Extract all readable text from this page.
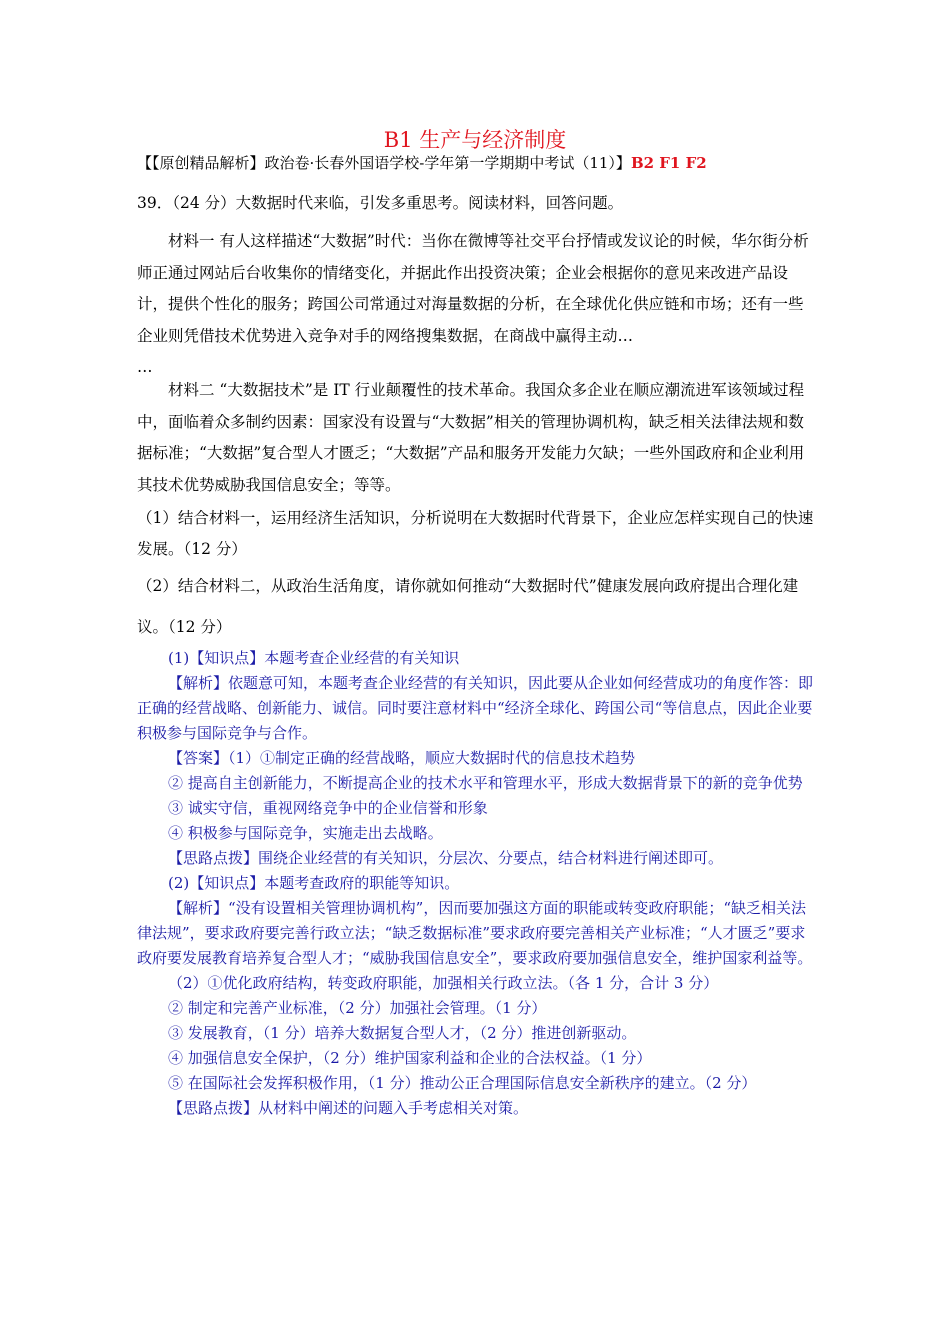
B1 生产与经济制度
【【原创精品解析】政治卷·长春外国语学校-学年第一学期期中考试（11）】B2 F1 F2
39．（24 分）大数据时代来临，引发多重思考。阅读材料，回答问题。

材料一 有人这样描述“大数据”时代：当你在微博等社交平台抒情或发议论的时候，华尔街分析师正通过网站后台收集你的情绪变化，并据此作出投资决策；企业会根据你的意见来改进产品设计，提供个性化的服务；跨国公司常通过对海量数据的分析，在全球优化供应链和市场；还有一些企业则凭借技术优势进入竞争对手的网络搜集数据，在商战中赢得主动…

…

材料二 “大数据技术”是 IT 行业颠覆性的技术革命。我国众多企业在顺应潮流进军该领域过程中，面临着众多制约因素：国家没有设置与“大数据”相关的管理协调机构，缺乏相关法律法规和数据标准；“大数据”复合型人才匮乏；“大数据”产品和服务开发能力欠缺；一些外国政府和企业利用其技术优势威胁我国信息安全；等等。

（1）结合材料一，运用经济生活知识，分析说明在大数据时代背景下，企业应怎样实现自己的快速发展。（12 分）
（2）结合材料二，从政治生活角度，请你就如何推动“大数据时代”健康发展向政府提出合理化建议。（12 分）

(1)【知识点】本题考查企业经营的有关知识

【解析】依题意可知，本题考查企业经营的有关知识，因此要从企业如何经营成功的角度作答：即正确的经营战略、创新能力、诚信。同时要注意材料中“经济全球化、跨国公司“等信息点，因此企业要积极参与国际竞争与合作。

【答案】（1）①制定正确的经营战略，顺应大数据时代的信息技术趋势

② 提高自主创新能力，不断提高企业的技术水平和管理水平，形成大数据背景下的新的竞争优势

③ 诚实守信，重视网络竞争中的企业信誉和形象

④ 积极参与国际竞争，实施走出去战略。

【思路点拨】围绕企业经营的有关知识，分层次、分要点，结合材料进行阐述即可。

(2)【知识点】本题考查政府的职能等知识。

【解析】“没有设置相关管理协调机构”，因而要加强这方面的职能或转变政府职能；“缺乏相关法律法规”，要求政府要完善行政立法；“缺乏数据标准”要求政府要完善相关产业标准；“人才匮乏”要求政府要发展教育培养复合型人才；“威胁我国信息安全”，要求政府要加强信息安全，维护国家利益等。

（2）①优化政府结构，转变政府职能，加强相关行政立法。（各 1 分，合计 3 分）

② 制定和完善产业标准，（2 分）加强社会管理。（1 分）

③ 发展教育，（1 分）培养大数据复合型人才，（2 分）推进创新驱动。

④ 加强信息安全保护，（2 分）维护国家利益和企业的合法权益。（1 分）

⑤ 在国际社会发挥积极作用，（1 分）推动公正合理国际信息安全新秩序的建立。（2 分）

【思路点拨】从材料中阐述的问题入手考虑相关对策。
